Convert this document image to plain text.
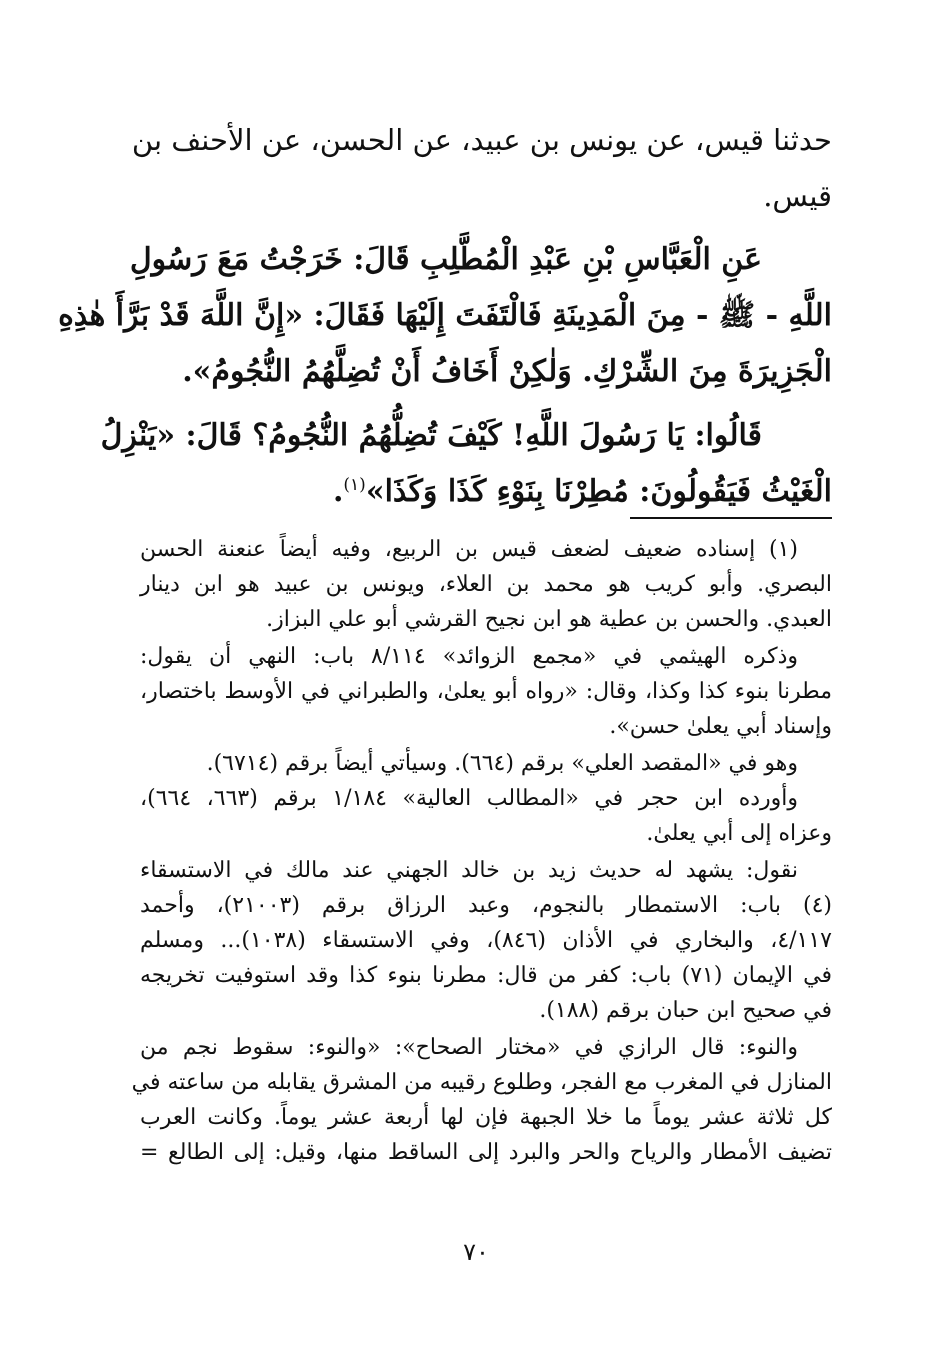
حدثنا قيس، عن يونس بن عبيد، عن الحسن، عن الأحنف بن
قيس.
عَنِ الْعَبَّاسِ بْنِ عَبْدِ الْمُطَّلِبِ قَالَ: خَرَجْتُ مَعَ رَسُولِ
اللَّهِ - ﷺ - مِنَ الْمَدِينَةِ فَالْتَفَتَ إِلَيْهَا فَقَالَ: «إِنَّ اللَّهَ قَدْ بَرَّأَ هٰذِهِ
الْجَزِيرَةَ مِنَ الشِّرْكِ. وَلٰكِنْ أَخَافُ أَنْ تُضِلَّهُمُ النُّجُومُ».
قَالُوا: يَا رَسُولَ اللَّهِ! كَيْفَ تُضِلُّهُمُ النُّجُومُ؟ قَالَ: «يَنْزِلُ
الْغَيْثُ فَيَقُولُونَ: مُطِرْنَا بِنَوْءِ كَذَا وَكَذَا»$^{(١)}$.
(١) إسناده ضعيف لضعف قيس بن الربيع، وفيه أيضاً عنعنة الحسن
البصري. وأبو كريب هو محمد بن العلاء، ويونس بن عبيد هو ابن دينار
العبدي. والحسن بن عطية هو ابن نجيح القرشي أبو علي البزاز.
وذكره الهيثمي في «مجمع الزوائد» ٨/١١٤ باب: النهي أن يقول:
مطرنا بنوء كذا وكذا، وقال: «رواه أبو يعلىٰ، والطبراني في الأوسط باختصار،
وإسناد أبي يعلىٰ حسن».
وهو في «المقصد العلي» برقم (٦٦٤). وسيأتي أيضاً برقم (٦٧١٤).
وأورده ابن حجر في «المطالب العالية» ١/١٨٤ برقم (٦٦٣، ٦٦٤)،
وعزاه إلى أبي يعلىٰ.
نقول: يشهد له حديث زيد بن خالد الجهني عند مالك في الاستسقاء
(٤) باب: الاستمطار بالنجوم، وعبد الرزاق برقم (٢١٠٠٣)، وأحمد
٤/١١٧، والبخاري في الأذان (٨٤٦)، وفي الاستسقاء (١٠٣٨)... ومسلم
في الإيمان (٧١) باب: كفر من قال: مطرنا بنوء كذا وقد استوفيت تخريجه
في صحيح ابن حبان برقم (١٨٨).
والنوء: قال الرازي في «مختار الصحاح»: «والنوء: سقوط نجم من
المنازل في المغرب مع الفجر، وطلوع رقيبه من المشرق يقابله من ساعته في
كل ثلاثة عشر يوماً ما خلا الجبهة فإن لها أربعة عشر يوماً. وكانت العرب
تضيف الأمطار والرياح والحر والبرد إلى الساقط منها، وقيل: إلى الطالع =
٧٠
